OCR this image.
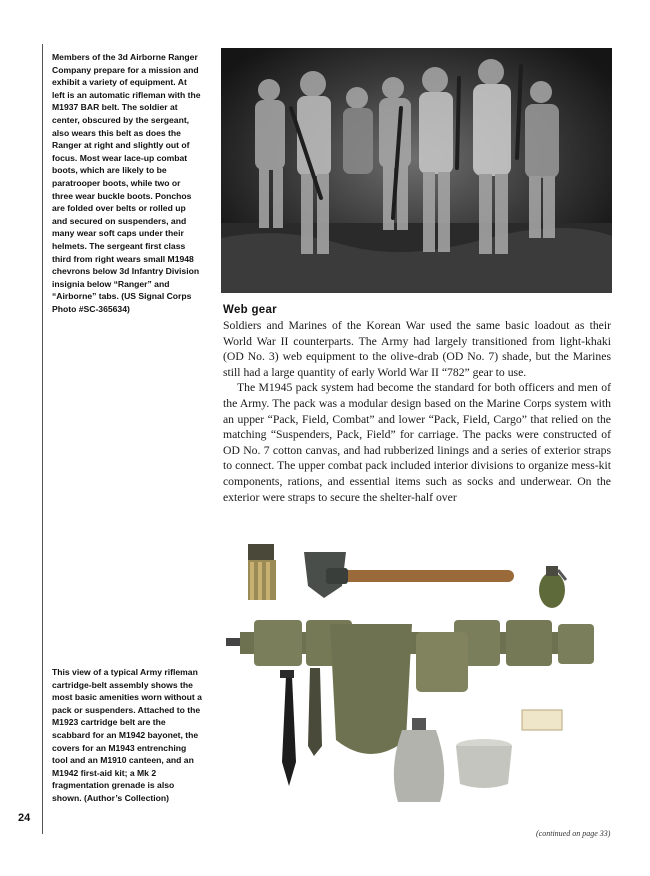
Members of the 3d Airborne Ranger Company prepare for a mission and exhibit a variety of equipment. At left is an automatic rifleman with the M1937 BAR belt. The soldier at center, obscured by the sergeant, also wears this belt as does the Ranger at right and slightly out of focus. Most wear lace-up combat boots, which are likely to be paratrooper boots, while two or three wear buckle boots. Ponchos are folded over belts or rolled up and secured on suspenders, and many wear soft caps under their helmets. The sergeant first class third from right wears small M1948 chevrons below 3d Infantry Division insignia below “Ranger” and “Airborne” tabs. (US Signal Corps Photo #SC-365634)	Web gear

Soldiers and Marines of the Korean War used the same basic loadout as their World War II counterparts. The Army had largely transitioned from light-khaki (OD No. 3) web equipment to the olive-drab (OD No. 7) shade, but the Marines still had a large quantity of early World War II “782” gear to use.

The M1945 pack system had become the standard for both officers and men of the Army. The pack was a modular design based on the Marine Corps system with an upper “Pack, Field, Combat” and lower “Pack, Field, Cargo” that relied on the matching “Suspenders, Pack, Field” for carriage. The packs were constructed of OD No. 7 cotton canvas, and had rubberized linings and a series of exterior straps to connect. The upper combat pack included interior divisions to organize mess-kit components, rations, and essential items such as socks and underwear. On the exterior were straps to secure the shelter-half over

This view of a typical Army rifleman cartridge-belt assembly shows the most basic amenities worn without a pack or suspenders. Attached to the M1923 cartridge belt are the scabbard for an M1942 bayonet, the covers for an M1943 entrenching tool and an M1910 canteen, and an M1942 first-aid kit; a Mk 2 fragmentation grenade is also shown. (Author’s Collection)

24
(continued on page 33)
